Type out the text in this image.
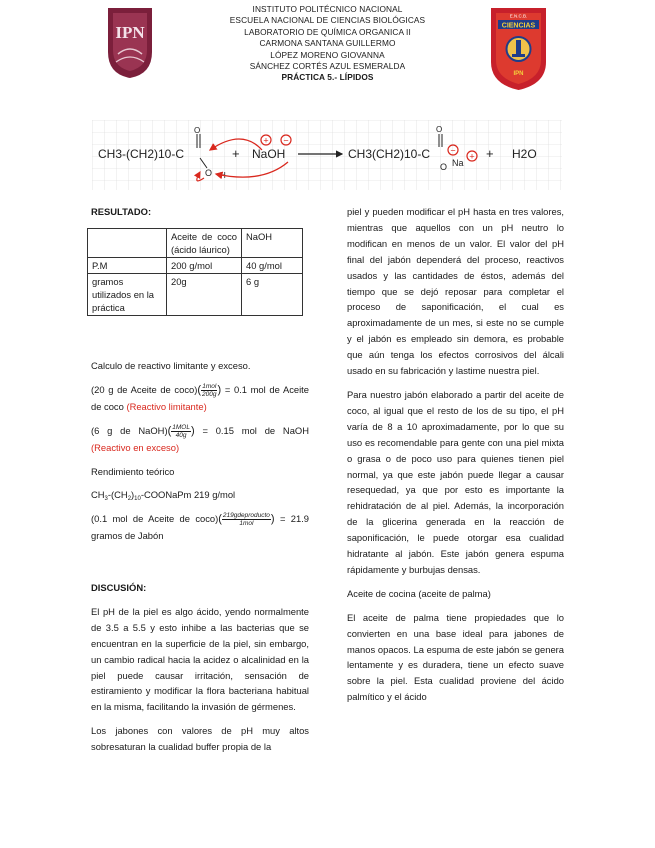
INSTITUTO POLITÉCNICO NACIONAL
ESCUELA NACIONAL DE CIENCIAS BIOLÓGICAS
LABORATORIO DE QUÍMICA ORGANICA II
CARMONA SANTANA GUILLERMO
LÓPEZ MORENO GIOVANNA
SÁNCHEZ CORTÉS AZUL ESMERALDA
PRÁCTICA 5.- LÍPIDOS
IPN	CIENCIAS
IPN
E.N.C.B.
CH3-(CH2)10-C
O
O H
+ NaOH
+ −
CH3(CH2)10-C
O
O
−
Na
+ + H2O
RESULTADO:
	Aceite de coco (ácido láurico)	NaOH
P.M	200 g/mol	40 g/mol
gramos utilizados en la práctica	20g	6 g

Calculo de reactivo limitante y exceso.

(20 g de Aceite de coco)( $\frac{\text{1mol}}{200g}$ ) = 0.1 mol de Aceite de coco (Reactivo limitante)

(6 g de NaOH)( $\frac{\text{1MOL}}{40g}$ ) = 0.15 mol de NaOH (Reactivo en exceso)

Rendimiento teórico

$CH_3-(CH_2)_{10}$-COONaPm 219 g/mol

(0.1 mol de Aceite de coco)( $\frac{\text{219gdeproducto}}{\text{1mol}}$ ) = 21.9 gramos de Jabón

DISCUSIÓN:

El pH de la piel es algo ácido, yendo normalmente de 3.5 a 5.5 y esto inhibe a las bacterias que se encuentran en la superficie de la piel, sin embargo, un cambio radical hacia la acidez o alcalinidad en la piel puede causar irritación, sensación de estiramiento y modificar la flora bacteriana habitual en la misma, facilitando la invasión de gérmenes.

Los jabones con valores de pH muy altos sobresaturan la cualidad buffer propia de la

piel y pueden modificar el pH hasta en tres valores, mientras que aquellos con un pH neutro lo modifican en menos de un valor. El valor del pH final del jabón dependerá del proceso, reactivos usados y las cantidades de éstos, además del tiempo que se dejó reposar para completar el proceso de saponificación, el cual es aproximadamente de un mes, si este no se cumple y el jabón es empleado sin demora, es probable que aún tenga los efectos corrosivos del álcali usado en su fabricación y lastime nuestra piel.

Para nuestro jabón elaborado a partir del aceite de coco, al igual que el resto de los de su tipo, el pH varía de 8 a 10 aproximadamente, por lo que su uso es recomendable para gente con una piel mixta o grasa o de poco uso para quienes tienen piel normal, ya que este jabón puede llegar a causar resequedad, ya que por esto es importante la rehidratación de al piel. Además, la incorporación de la glicerina generada en la reacción de saponificación, le puede otorgar esa cualidad hidratante al jabón. Este jabón genera espuma rápidamente y burbujas densas.

Aceite de cocina (aceite de palma)

El aceite de palma tiene propiedades que lo convierten en una base ideal para jabones de manos opacos. La espuma de este jabón se genera lentamente y es duradera, tiene un efecto suave sobre la piel. Esta cualidad proviene del ácido palmítico y el ácido
